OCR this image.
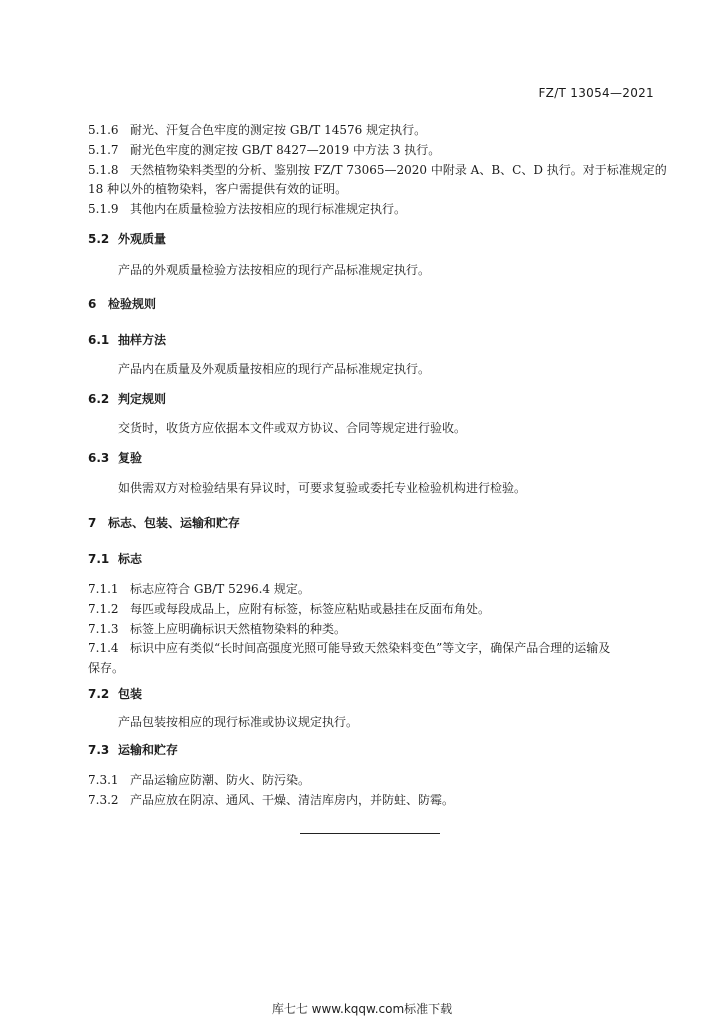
FZ/T 13054—2021
5.1.6 耐光、汗复合色牢度的测定按 GB/T 14576 规定执行。
5.1.7 耐光色牢度的测定按 GB/T 8427—2019 中方法 3 执行。
5.1.8 天然植物染料类型的分析、鉴别按 FZ/T 73065—2020 中附录 A、B、C、D 执行。对于标准规定的
18 种以外的植物染料，客户需提供有效的证明。
5.1.9 其他内在质量检验方法按相应的现行标准规定执行。
5.2 外观质量
产品的外观质量检验方法按相应的现行产品标准规定执行。
6 检验规则
6.1 抽样方法
产品内在质量及外观质量按相应的现行产品标准规定执行。
6.2 判定规则
交货时，收货方应依据本文件或双方协议、合同等规定进行验收。
6.3 复验
如供需双方对检验结果有异议时，可要求复验或委托专业检验机构进行检验。
7 标志、包装、运输和贮存
7.1 标志
7.1.1 标志应符合 GB/T 5296.4 规定。
7.1.2 每匹或每段成品上，应附有标签，标签应粘贴或悬挂在反面布角处。
7.1.3 标签上应明确标识天然植物染料的种类。
7.1.4 标识中应有类似“长时间高强度光照可能导致天然染料变色”等文字，确保产品合理的运输及
保存。
7.2 包装
产品包装按相应的现行标准或协议规定执行。
7.3 运输和贮存
7.3.1 产品运输应防潮、防火、防污染。
7.3.2 产品应放在阴凉、通风、干燥、清洁库房内，并防蛀、防霉。
库七七 www.kqqw.com标准下载
